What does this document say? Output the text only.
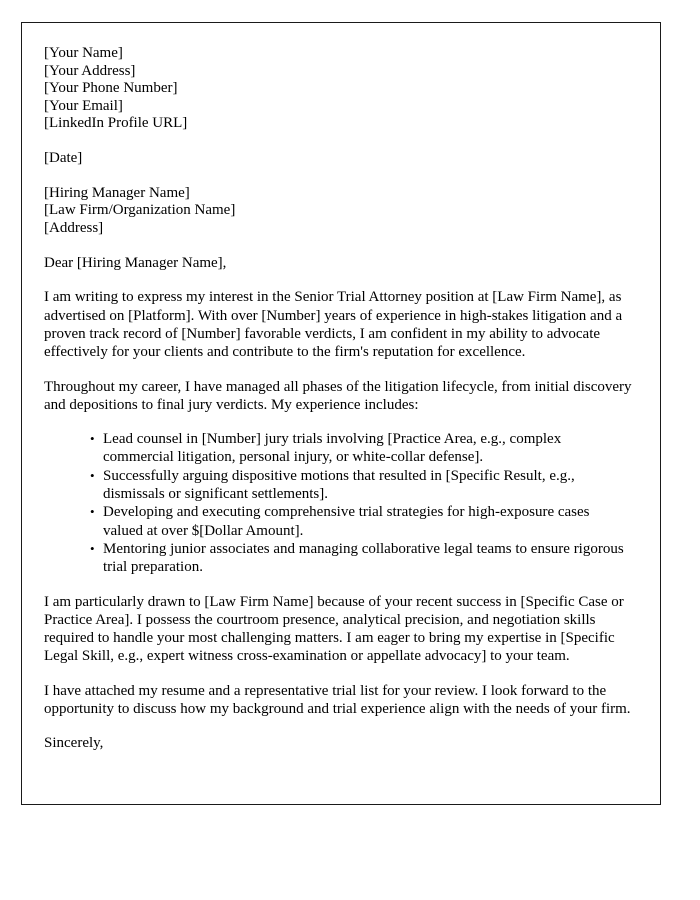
[Your Name]
[Your Address]
[Your Phone Number]
[Your Email]
[LinkedIn Profile URL]
[Date]
[Hiring Manager Name]
[Law Firm/Organization Name]
[Address]

Dear [Hiring Manager Name],

I am writing to express my interest in the Senior Trial Attorney position at [Law Firm Name], as advertised on [Platform]. With over [Number] years of experience in high-stakes litigation and a proven track record of [Number] favorable verdicts, I am confident in my ability to advocate effectively for your clients and contribute to the firm's reputation for excellence.

Throughout my career, I have managed all phases of the litigation lifecycle, from initial discovery and depositions to final jury verdicts. My experience includes:

• Lead counsel in [Number] jury trials involving [Practice Area, e.g., complex commercial litigation, personal injury, or white-collar defense].
• Successfully arguing dispositive motions that resulted in [Specific Result, e.g., dismissals or significant settlements].
• Developing and executing comprehensive trial strategies for high-exposure cases valued at over $[Dollar Amount].
• Mentoring junior associates and managing collaborative legal teams to ensure rigorous trial preparation.

I am particularly drawn to [Law Firm Name] because of your recent success in [Specific Case or Practice Area]. I possess the courtroom presence, analytical precision, and negotiation skills required to handle your most challenging matters. I am eager to bring my expertise in [Specific Legal Skill, e.g., expert witness cross-examination or appellate advocacy] to your team.

I have attached my resume and a representative trial list for your review. I look forward to the opportunity to discuss how my background and trial experience align with the needs of your firm.

Sincerely,
